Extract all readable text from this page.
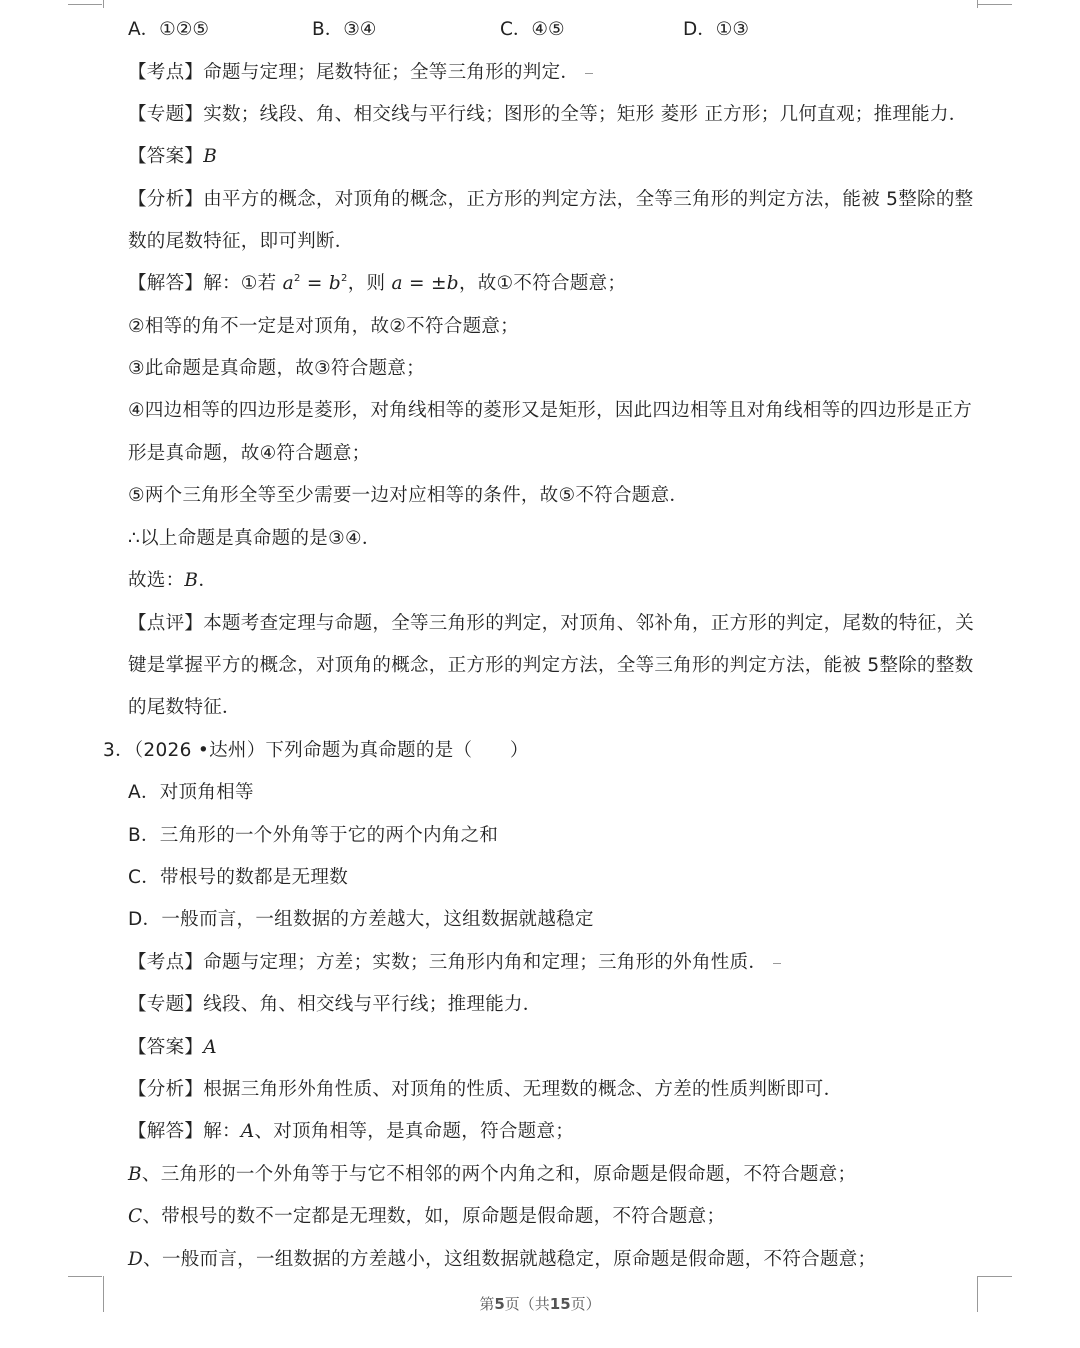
A．①②⑤	B．③④	C．④⑤	D．①③
【考点】命题与定理；尾数特征；全等三角形的判定．
【专题】实数；线段、角、相交线与平行线；图形的全等；矩形 菱形 正方形；几何直观；推理能力．
【答案】B
【分析】由平方的概念，对顶角的概念，正方形的判定方法，全等三角形的判定方法，能被 5整除的整
数的尾数特征，即可判断．
【解答】解：①若 $a^2 = b^2$，则 a = ±b，故①不符合题意；
②相等的角不一定是对顶角，故②不符合题意；
③此命题是真命题，故③符合题意；
④四边相等的四边形是菱形，对角线相等的菱形又是矩形，因此四边相等且对角线相等的四边形是正方
形是真命题，故④符合题意；
⑤两个三角形全等至少需要一边对应相等的条件，故⑤不符合题意．
∴以上命题是真命题的是③④．
故选：B．
【点评】本题考查定理与命题，全等三角形的判定，对顶角、邻补角，正方形的判定，尾数的特征，关
键是掌握平方的概念，对顶角的概念，正方形的判定方法，全等三角形的判定方法，能被 5整除的整数
的尾数特征．
3．（2026 •达州）下列命题为真命题的是（　　）
A．对顶角相等
B．三角形的一个外角等于它的两个内角之和
C．带根号的数都是无理数
D．一般而言，一组数据的方差越大，这组数据就越稳定
【考点】命题与定理；方差；实数；三角形内角和定理；三角形的外角性质．
【专题】线段、角、相交线与平行线；推理能力．
【答案】A
【分析】根据三角形外角性质、对顶角的性质、无理数的概念、方差的性质判断即可．
【解答】解：A、对顶角相等，是真命题，符合题意；
B、三角形的一个外角等于与它不相邻的两个内角之和，原命题是假命题，不符合题意；
C、带根号的数不一定都是无理数，如，原命题是假命题，不符合题意；
D、一般而言，一组数据的方差越小，这组数据就越稳定，原命题是假命题，不符合题意；
第5页（共15页）
